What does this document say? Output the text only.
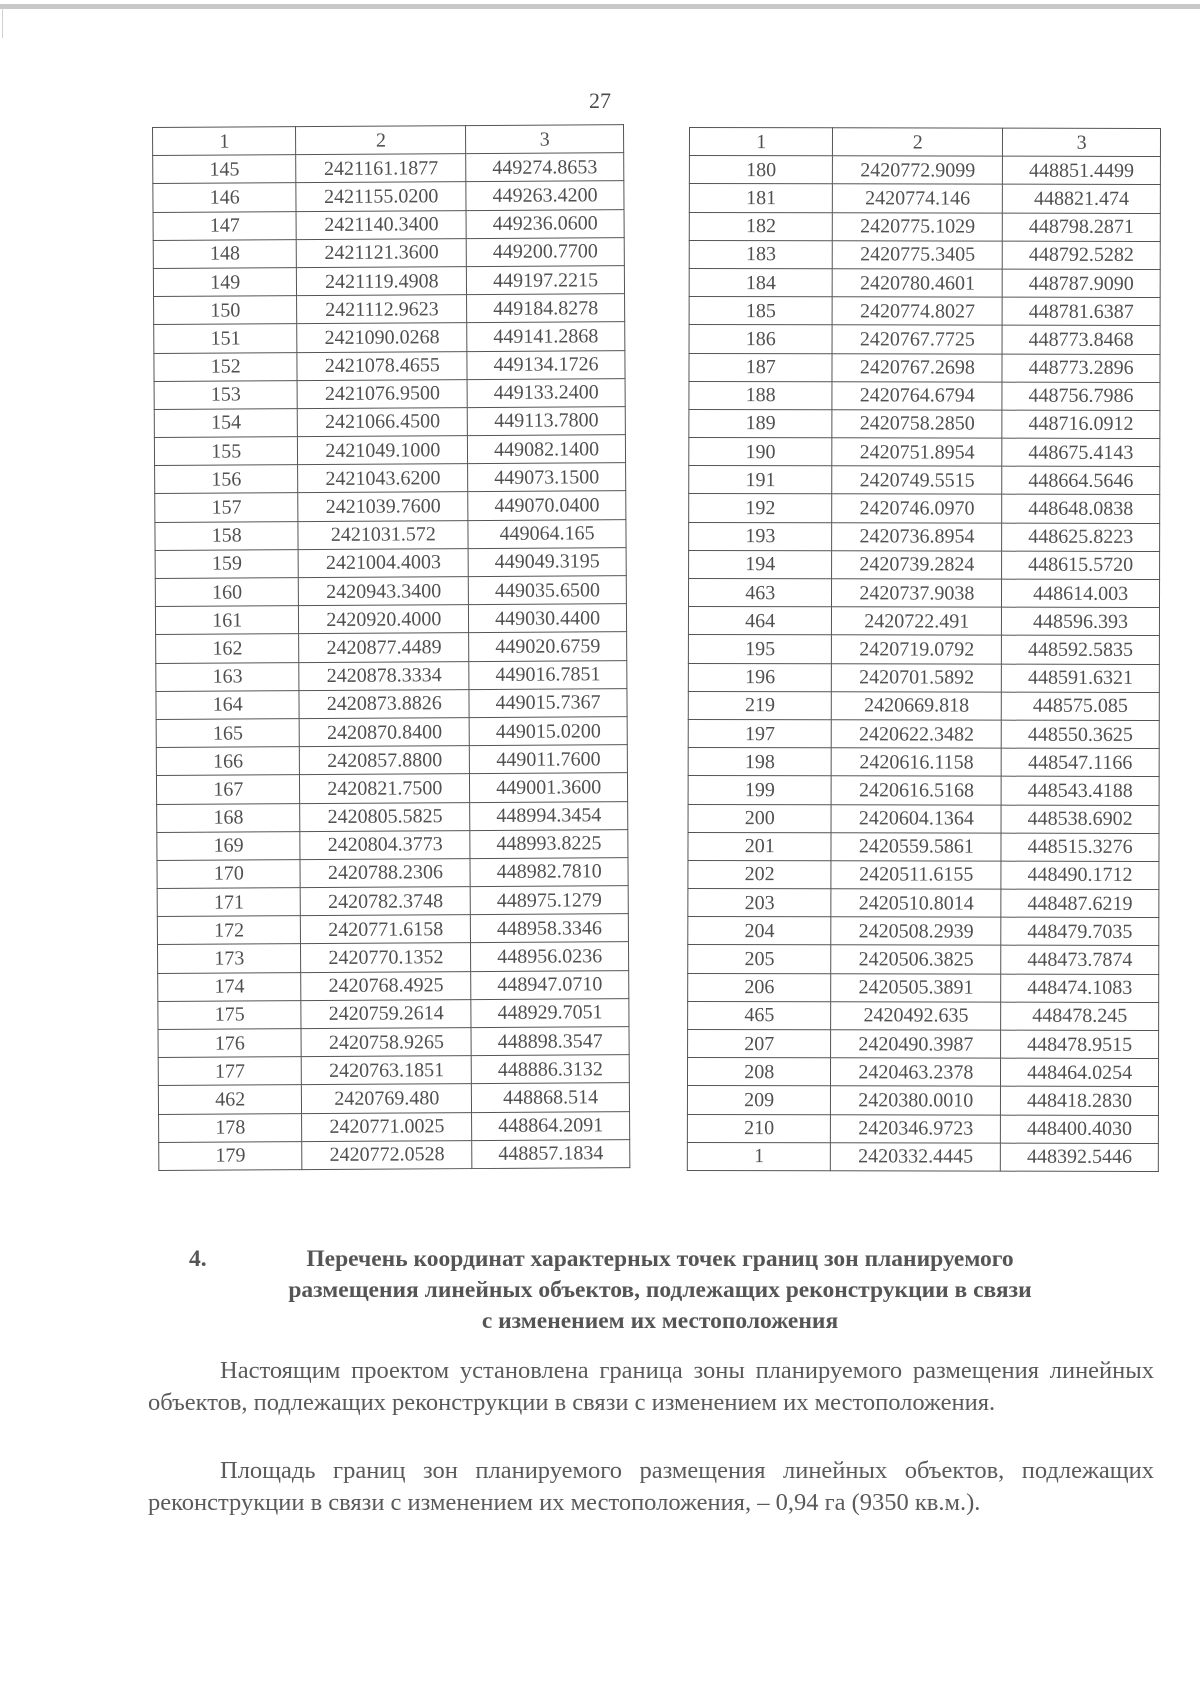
27
1	2	3
145	2421161.1877	449274.8653
146	2421155.0200	449263.4200
147	2421140.3400	449236.0600
148	2421121.3600	449200.7700
149	2421119.4908	449197.2215
150	2421112.9623	449184.8278
151	2421090.0268	449141.2868
152	2421078.4655	449134.1726
153	2421076.9500	449133.2400
154	2421066.4500	449113.7800
155	2421049.1000	449082.1400
156	2421043.6200	449073.1500
157	2421039.7600	449070.0400
158	2421031.572	449064.165
159	2421004.4003	449049.3195
160	2420943.3400	449035.6500
161	2420920.4000	449030.4400
162	2420877.4489	449020.6759
163	2420878.3334	449016.7851
164	2420873.8826	449015.7367
165	2420870.8400	449015.0200
166	2420857.8800	449011.7600
167	2420821.7500	449001.3600
168	2420805.5825	448994.3454
169	2420804.3773	448993.8225
170	2420788.2306	448982.7810
171	2420782.3748	448975.1279
172	2420771.6158	448958.3346
173	2420770.1352	448956.0236
174	2420768.4925	448947.0710
175	2420759.2614	448929.7051
176	2420758.9265	448898.3547
177	2420763.1851	448886.3132
462	2420769.480	448868.514
178	2420771.0025	448864.2091
179	2420772.0528	448857.1834
1	2	3
180	2420772.9099	448851.4499
181	2420774.146	448821.474
182	2420775.1029	448798.2871
183	2420775.3405	448792.5282
184	2420780.4601	448787.9090
185	2420774.8027	448781.6387
186	2420767.7725	448773.8468
187	2420767.2698	448773.2896
188	2420764.6794	448756.7986
189	2420758.2850	448716.0912
190	2420751.8954	448675.4143
191	2420749.5515	448664.5646
192	2420746.0970	448648.0838
193	2420736.8954	448625.8223
194	2420739.2824	448615.5720
463	2420737.9038	448614.003
464	2420722.491	448596.393
195	2420719.0792	448592.5835
196	2420701.5892	448591.6321
219	2420669.818	448575.085
197	2420622.3482	448550.3625
198	2420616.1158	448547.1166
199	2420616.5168	448543.4188
200	2420604.1364	448538.6902
201	2420559.5861	448515.3276
202	2420511.6155	448490.1712
203	2420510.8014	448487.6219
204	2420508.2939	448479.7035
205	2420506.3825	448473.7874
206	2420505.3891	448474.1083
465	2420492.635	448478.245
207	2420490.3987	448478.9515
208	2420463.2378	448464.0254
209	2420380.0010	448418.2830
210	2420346.9723	448400.4030
1	2420332.4445	448392.5446
4.	Перечень координат характерных точек границ зон планируемого
размещения линейных объектов, подлежащих реконструкции в связи
с изменением их местоположения
Настоящим проектом установлена граница зоны планируемого размещения линейных объектов, подлежащих реконструкции в связи с изменением их местоположения.
Площадь границ зон планируемого размещения линейных объектов, подлежащих реконструкции в связи с изменением их местоположения, – 0,94 га (9350 кв.м.).
